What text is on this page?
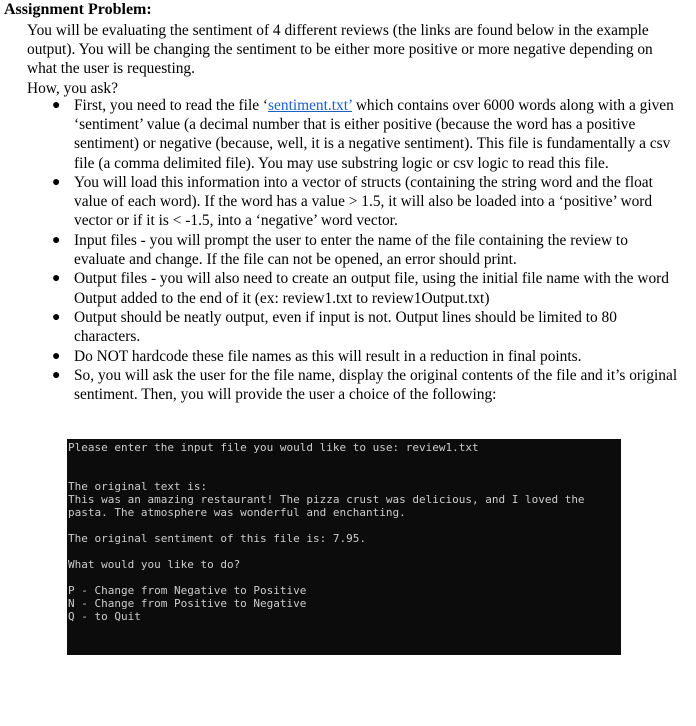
Assignment Problem:
You will be evaluating the sentiment of 4 different reviews (the links are found below in the example output). You will be changing the sentiment to be either more positive or more negative depending on what the user is requesting.
How, you ask?
● First, you need to read the file ‘sentiment.txt’ which contains over 6000 words along with a given ‘sentiment’ value (a decimal number that is either positive (because the word has a positive sentiment) or negative (because, well, it is a negative sentiment). This file is fundamentally a csv file (a comma delimited file). You may use substring logic or csv logic to read this file.
● You will load this information into a vector of structs (containing the string word and the float value of each word). If the word has a value > 1.5, it will also be loaded into a ‘positive’ word vector or if it is < -1.5, into a ‘negative’ word vector.
● Input files - you will prompt the user to enter the name of the file containing the review to evaluate and change. If the file can not be opened, an error should print.
● Output files - you will also need to create an output file, using the initial file name with the word Output added to the end of it (ex: review1.txt to review1Output.txt)
● Output should be neatly output, even if input is not. Output lines should be limited to 80 characters.
● Do NOT hardcode these file names as this will result in a reduction in final points.
● So, you will ask the user for the file name, display the original contents of the file and it’s original sentiment. Then, you will provide the user a choice of the following:
Please enter the input file you would like to use: review1.txt
The original text is:
This was an amazing restaurant! The pizza crust was delicious, and I loved the
pasta. The atmosphere was wonderful and enchanting.
The original sentiment of this file is: 7.95.
What would you like to do?
P - Change from Negative to Positive
N - Change from Positive to Negative
Q - to Quit
